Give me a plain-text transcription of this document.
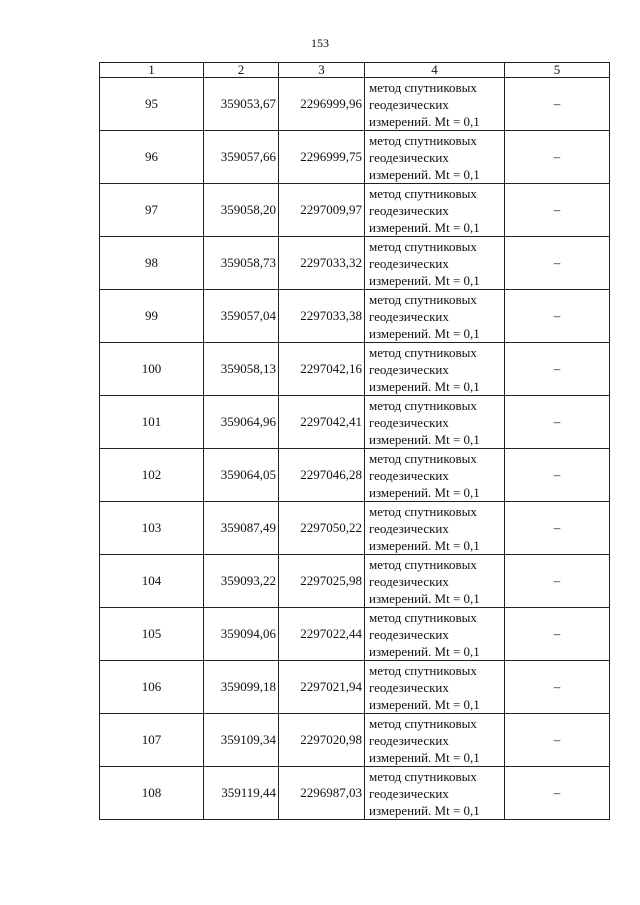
153
1	2	3	4	5
95	359053,67	2296999,96	метод спутниковых
геодезических
измерений. Mt = 0,1	–
96	359057,66	2296999,75	метод спутниковых
геодезических
измерений. Mt = 0,1	–
97	359058,20	2297009,97	метод спутниковых
геодезических
измерений. Mt = 0,1	–
98	359058,73	2297033,32	метод спутниковых
геодезических
измерений. Mt = 0,1	–
99	359057,04	2297033,38	метод спутниковых
геодезических
измерений. Mt = 0,1	–
100	359058,13	2297042,16	метод спутниковых
геодезических
измерений. Mt = 0,1	–
101	359064,96	2297042,41	метод спутниковых
геодезических
измерений. Mt = 0,1	–
102	359064,05	2297046,28	метод спутниковых
геодезических
измерений. Mt = 0,1	–
103	359087,49	2297050,22	метод спутниковых
геодезических
измерений. Mt = 0,1	–
104	359093,22	2297025,98	метод спутниковых
геодезических
измерений. Mt = 0,1	–
105	359094,06	2297022,44	метод спутниковых
геодезических
измерений. Mt = 0,1	–
106	359099,18	2297021,94	метод спутниковых
геодезических
измерений. Mt = 0,1	–
107	359109,34	2297020,98	метод спутниковых
геодезических
измерений. Mt = 0,1	–
108	359119,44	2296987,03	метод спутниковых
геодезических
измерений. Mt = 0,1	–
